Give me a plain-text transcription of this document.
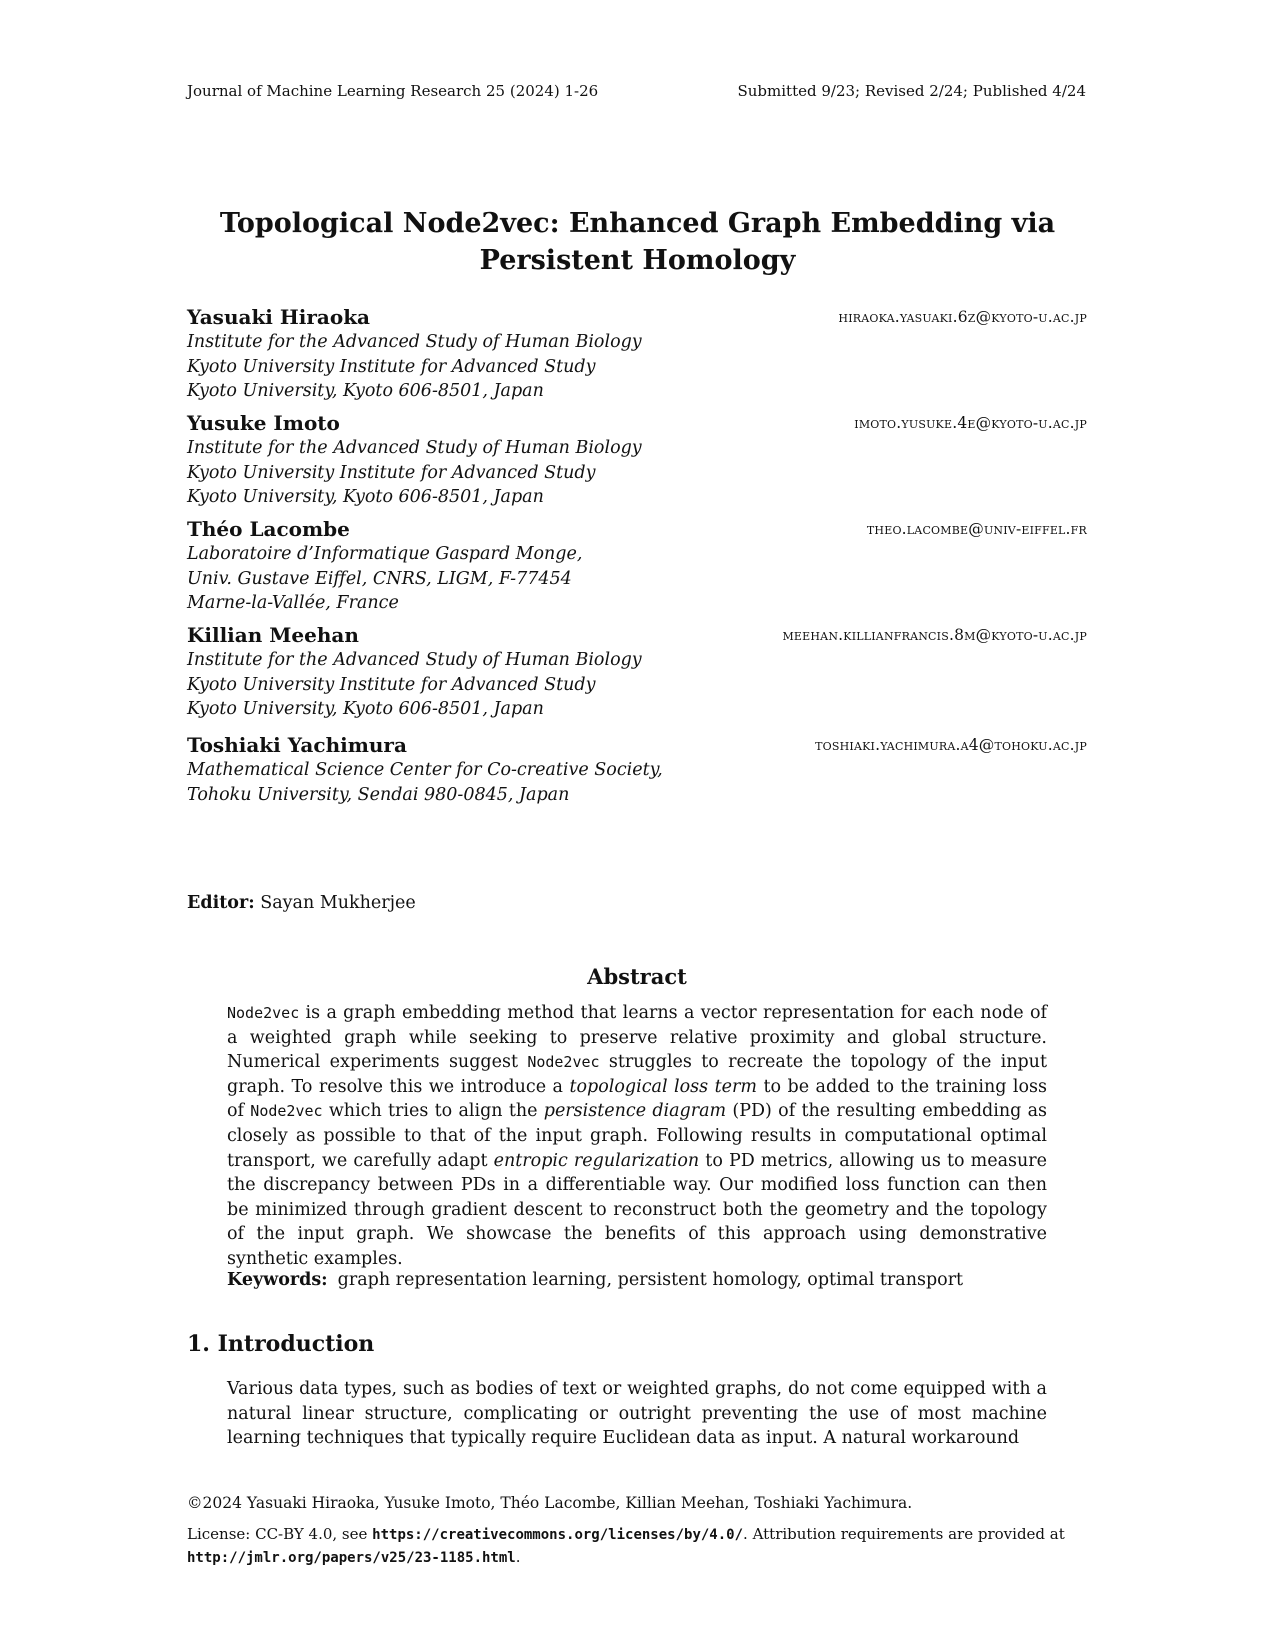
Journal of Machine Learning Research 25 (2024) 1-26	Submitted 9/23; Revised 2/24; Published 4/24
Topological Node2vec: Enhanced Graph Embedding via Persistent Homology
Yasuaki Hiraoka	hiraoka.yasuaki.6z@kyoto-u.ac.jp
Institute for the Advanced Study of Human Biology
Kyoto University Institute for Advanced Study
Kyoto University, Kyoto 606-8501, Japan
Yusuke Imoto	imoto.yusuke.4e@kyoto-u.ac.jp
Institute for the Advanced Study of Human Biology
Kyoto University Institute for Advanced Study
Kyoto University, Kyoto 606-8501, Japan
Théo Lacombe	theo.lacombe@univ-eiffel.fr
Laboratoire d’Informatique Gaspard Monge,
Univ. Gustave Eiffel, CNRS, LIGM, F-77454
Marne-la-Vallée, France
Killian Meehan	meehan.killianfrancis.8m@kyoto-u.ac.jp
Institute for the Advanced Study of Human Biology
Kyoto University Institute for Advanced Study
Kyoto University, Kyoto 606-8501, Japan
Toshiaki Yachimura	toshiaki.yachimura.a4@tohoku.ac.jp
Mathematical Science Center for Co-creative Society,
Tohoku University, Sendai 980-0845, Japan
Editor: Sayan Mukherjee
Abstract
Node2vec is a graph embedding method that learns a vector representation for each node of a weighted graph while seeking to preserve relative proximity and global structure. Numerical experiments suggest Node2vec struggles to recreate the topology of the input graph. To resolve this we introduce a topological loss term to be added to the training loss of Node2vec which tries to align the persistence diagram (PD) of the resulting embedding as closely as possible to that of the input graph. Following results in computational optimal transport, we carefully adapt entropic regularization to PD metrics, allowing us to measure the discrepancy between PDs in a differentiable way. Our modified loss function can then be minimized through gradient descent to reconstruct both the geometry and the topology of the input graph. We showcase the benefits of this approach using demonstrative synthetic examples.
Keywords: graph representation learning, persistent homology, optimal transport
1. Introduction
Various data types, such as bodies of text or weighted graphs, do not come equipped with a natural linear structure, complicating or outright preventing the use of most machine learning techniques that typically require Euclidean data as input. A natural workaround
©2024 Yasuaki Hiraoka, Yusuke Imoto, Théo Lacombe, Killian Meehan, Toshiaki Yachimura.
License: CC-BY 4.0, see https://creativecommons.org/licenses/by/4.0/. Attribution requirements are provided at http://jmlr.org/papers/v25/23-1185.html.
